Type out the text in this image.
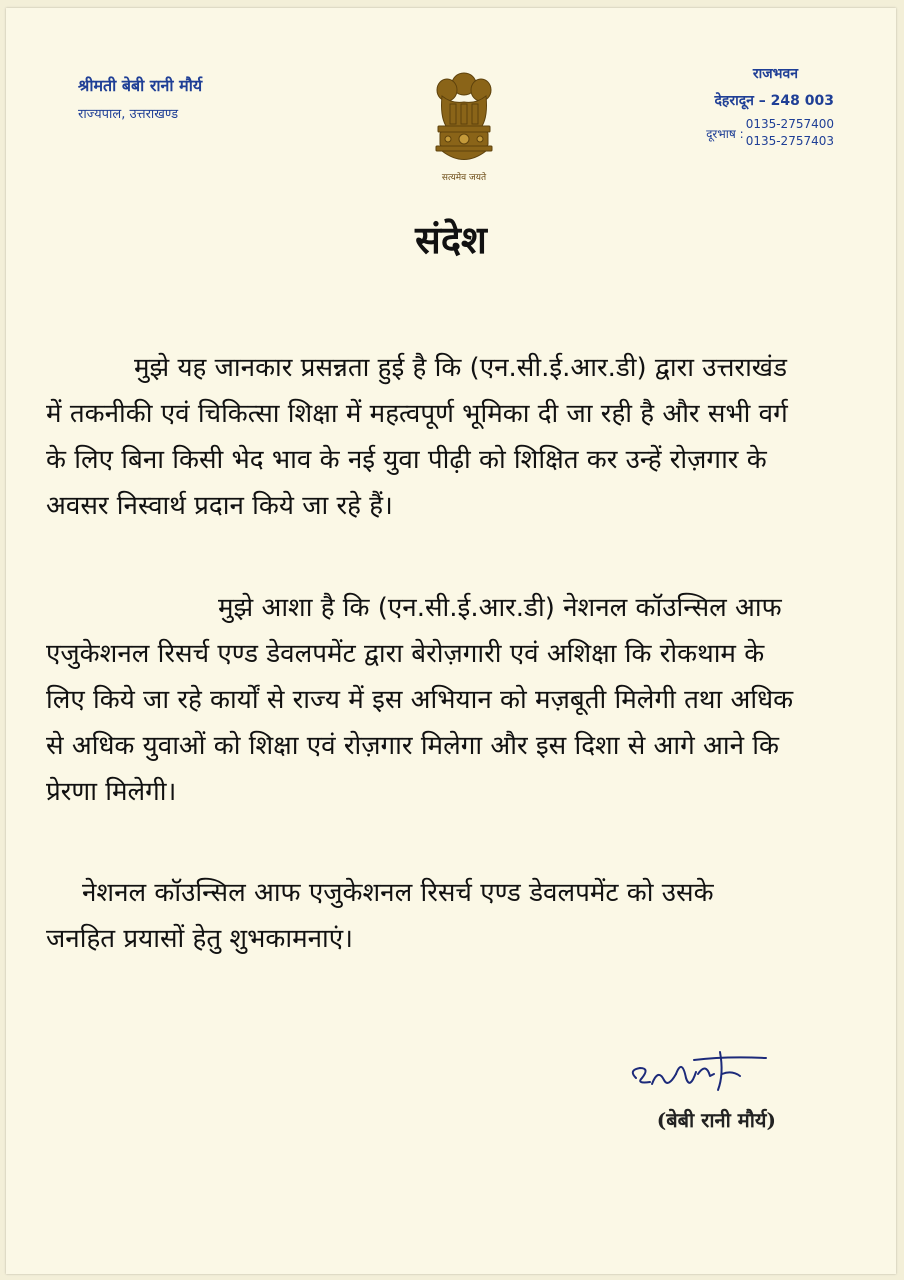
श्रीमती बेबी रानी मौर्य
राज्यपाल, उत्तराखण्ड
सत्यमेव जयते
राजभवन
देहरादून – 248 003
दूरभाष :
0135-2757400
0135-2757403
संदेश
मुझे यह जानकार प्रसन्नता हुई है कि (एन.सी.ई.आर.डी) द्वारा उत्तराखंड
में तकनीकी एवं चिकित्सा शिक्षा में महत्वपूर्ण भूमिका दी जा रही है और सभी वर्ग
के लिए बिना किसी भेद भाव के नई युवा पीढ़ी को शिक्षित कर उन्हें रोज़गार के
अवसर निस्वार्थ प्रदान किये जा रहे हैं।
मुझे आशा है कि (एन.सी.ई.आर.डी) नेशनल कॉउन्सिल आफ
एजुकेशनल रिसर्च एण्ड डेवलपमेंट द्वारा बेरोज़गारी एवं अशिक्षा कि रोकथाम के
लिए किये जा रहे कार्यों से राज्य में इस अभियान को मज़बूती मिलेगी तथा अधिक
से अधिक युवाओं को शिक्षा एवं रोज़गार मिलेगा और इस दिशा से आगे आने कि
प्रेरणा मिलेगी।
नेशनल कॉउन्सिल आफ एजुकेशनल रिसर्च एण्ड डेवलपमेंट को उसके
जनहित प्रयासों हेतु शुभकामनाएं।
(बेबी रानी मौर्य)
